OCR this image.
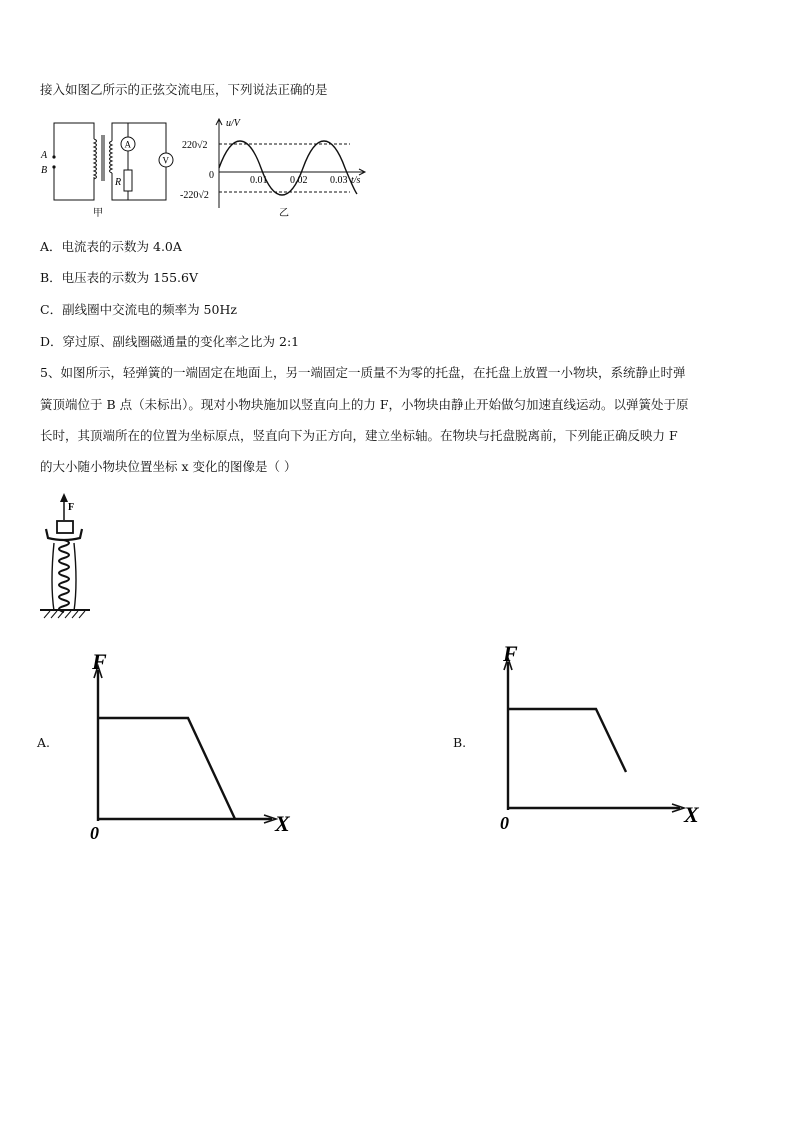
接入如图乙所示的正弦交流电压，下列说法正确的是
A
B
A
V
R
甲
u/V
220√2
-220√2
0	0.01 0.02 0.03 t/s
乙
A．电流表的示数为 4.0A
B．电压表的示数为 155.6V
C．副线圈中交流电的频率为 50Hz
D．穿过原、副线圈磁通量的变化率之比为 2:1
5、如图所示，轻弹簧的一端固定在地面上，另一端固定一质量不为零的托盘，在托盘上放置一小物块，系统静止时弹
簧顶端位于 B 点（未标出）。现对小物块施加以竖直向上的力 F，小物块由静止开始做匀加速直线运动。以弹簧处于原
长时，其顶端所在的位置为坐标原点，竖直向下为正方向，建立坐标轴。在物块与托盘脱离前，下列能正确反映力 F
的大小随小物块位置坐标 x 变化的图像是（ ）
F
A.
F
X
0
B.
F
X
0
